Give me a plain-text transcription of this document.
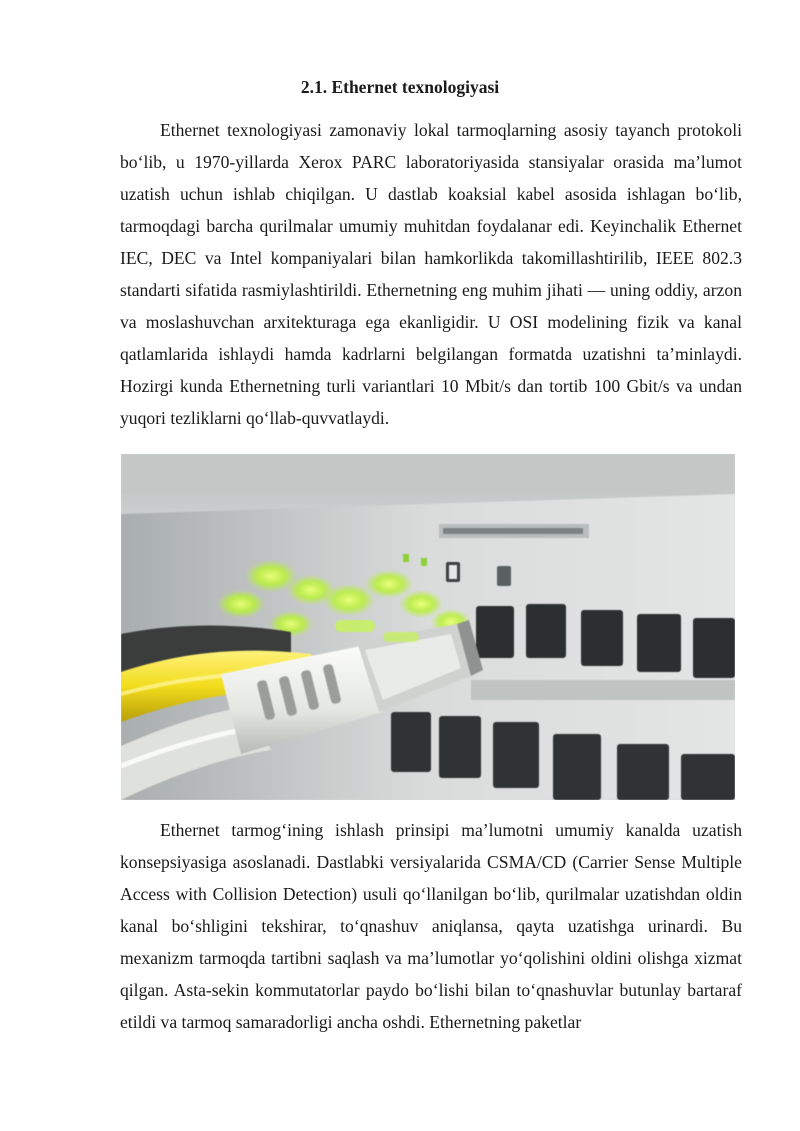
2.1. Ethernet texnologiyasi

Ethernet texnologiyasi zamonaviy lokal tarmoqlarning asosiy tayanch protokoli bo‘lib, u 1970-yillarda Xerox PARC laboratoriyasida stansiyalar orasida ma’lumot uzatish uchun ishlab chiqilgan. U dastlab koaksial kabel asosida ishlagan bo‘lib, tarmoqdagi barcha qurilmalar umumiy muhitdan foydalanar edi. Keyinchalik Ethernet IEC, DEC va Intel kompaniyalari bilan hamkorlikda takomillashtirilib, IEEE 802.3 standarti sifatida rasmiylashtirildi. Ethernetning eng muhim jihati — uning oddiy, arzon va moslashuvchan arxitekturaga ega ekanligidir. U OSI modelining fizik va kanal qatlamlarida ishlaydi hamda kadrlarni belgilangan formatda uzatishni ta’minlaydi. Hozirgi kunda Ethernetning turli variantlari 10 Mbit/s dan tortib 100 Gbit/s va undan yuqori tezliklarni qo‘llab-quvvatlaydi.

Ethernet tarmog‘ining ishlash prinsipi ma’lumotni umumiy kanalda uzatish konsepsiyasiga asoslanadi. Dastlabki versiyalarida CSMA/CD (Carrier Sense Multiple Access with Collision Detection) usuli qo‘llanilgan bo‘lib, qurilmalar uzatishdan oldin kanal bo‘shligini tekshirar, to‘qnashuv aniqlansa, qayta uzatishga urinardi. Bu mexanizm tarmoqda tartibni saqlash va ma’lumotlar yo‘qolishini oldini olishga xizmat qilgan. Asta-sekin kommutatorlar paydo bo‘lishi bilan to‘qnashuvlar butunlay bartaraf etildi va tarmoq samaradorligi ancha oshdi. Ethernetning paketlar
